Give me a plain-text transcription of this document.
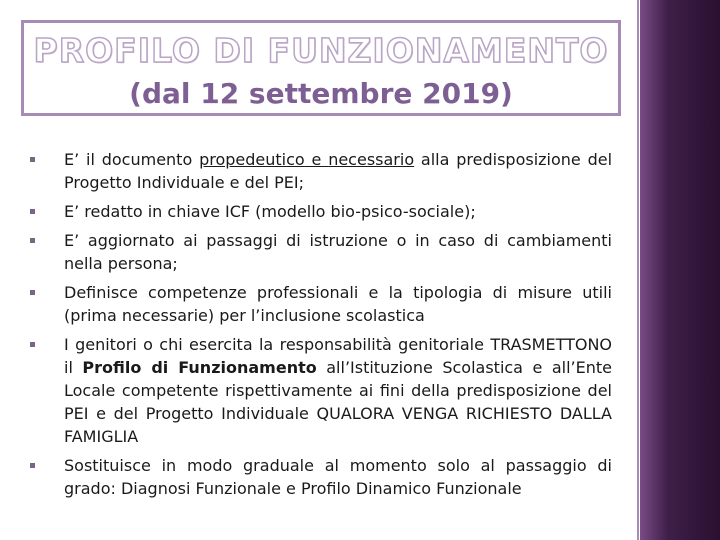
PROFILO DI FUNZIONAMENTO
(dal 12 settembre 2019)
E’ il documento propedeutico e necessario alla predisposizione del Progetto Individuale e del PEI;
E’ redatto in chiave ICF (modello bio-psico-sociale);
E’ aggiornato ai passaggi di istruzione o in caso di cambiamenti nella persona;
Definisce competenze professionali e la tipologia di misure utili (prima necessarie) per l’inclusione scolastica
I genitori o chi esercita la responsabilità genitoriale TRASMETTONO il Profilo di Funzionamento all’Istituzione Scolastica e all’Ente Locale competente rispettivamente ai fini della predisposizione del PEI e del Progetto Individuale QUALORA VENGA RICHIESTO DALLA FAMIGLIA
Sostituisce in modo graduale al momento solo al passaggio di grado: Diagnosi Funzionale e Profilo Dinamico Funzionale
